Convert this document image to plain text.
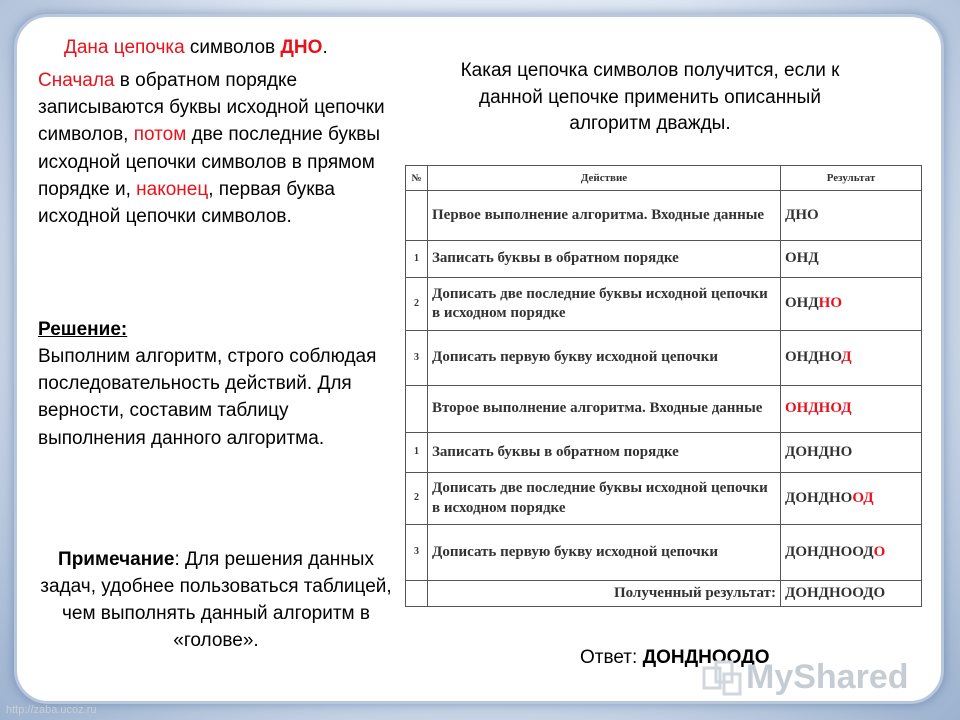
Дана цепочка символов ДНО.

Сначала в обратном порядке записываются буквы исходной цепочки символов, потом две последние буквы исходной цепочки символов в прямом порядке и, наконец, первая буква исходной цепочки символов.

Решение:
Выполним алгоритм, строго соблюдая последовательность действий. Для верности, составим таблицу выполнения данного алгоритма.
Примечание: Для решения данных задач, удобнее пользоваться таблицей, чем выполнять данный алгоритм в «голове».
Какая цепочка символов получится, если к данной цепочке применить описанный алгоритм дважды.
№	Действие	Результат
	Первое выполнение алгоритма. Входные данные	ДНО
1	Записать буквы в обратном порядке	ОНД
2	Дописать две последние буквы исходной цепочки в исходном порядке	ОНДНО
3	Дописать первую букву исходной цепочки	ОНДНОД
	Второе выполнение алгоритма. Входные данные	ОНДНОД
1	Записать буквы в обратном порядке	ДОНДНО
2	Дописать две последние буквы исходной цепочки в исходном порядке	ДОНДНООД
3	Дописать первую букву исходной цепочки	ДОНДНООДО
	Полученный результат:	ДОНДНООДО
Ответ: ДОНДНООДО
MyShared
http://zaba.ucoz.ru
